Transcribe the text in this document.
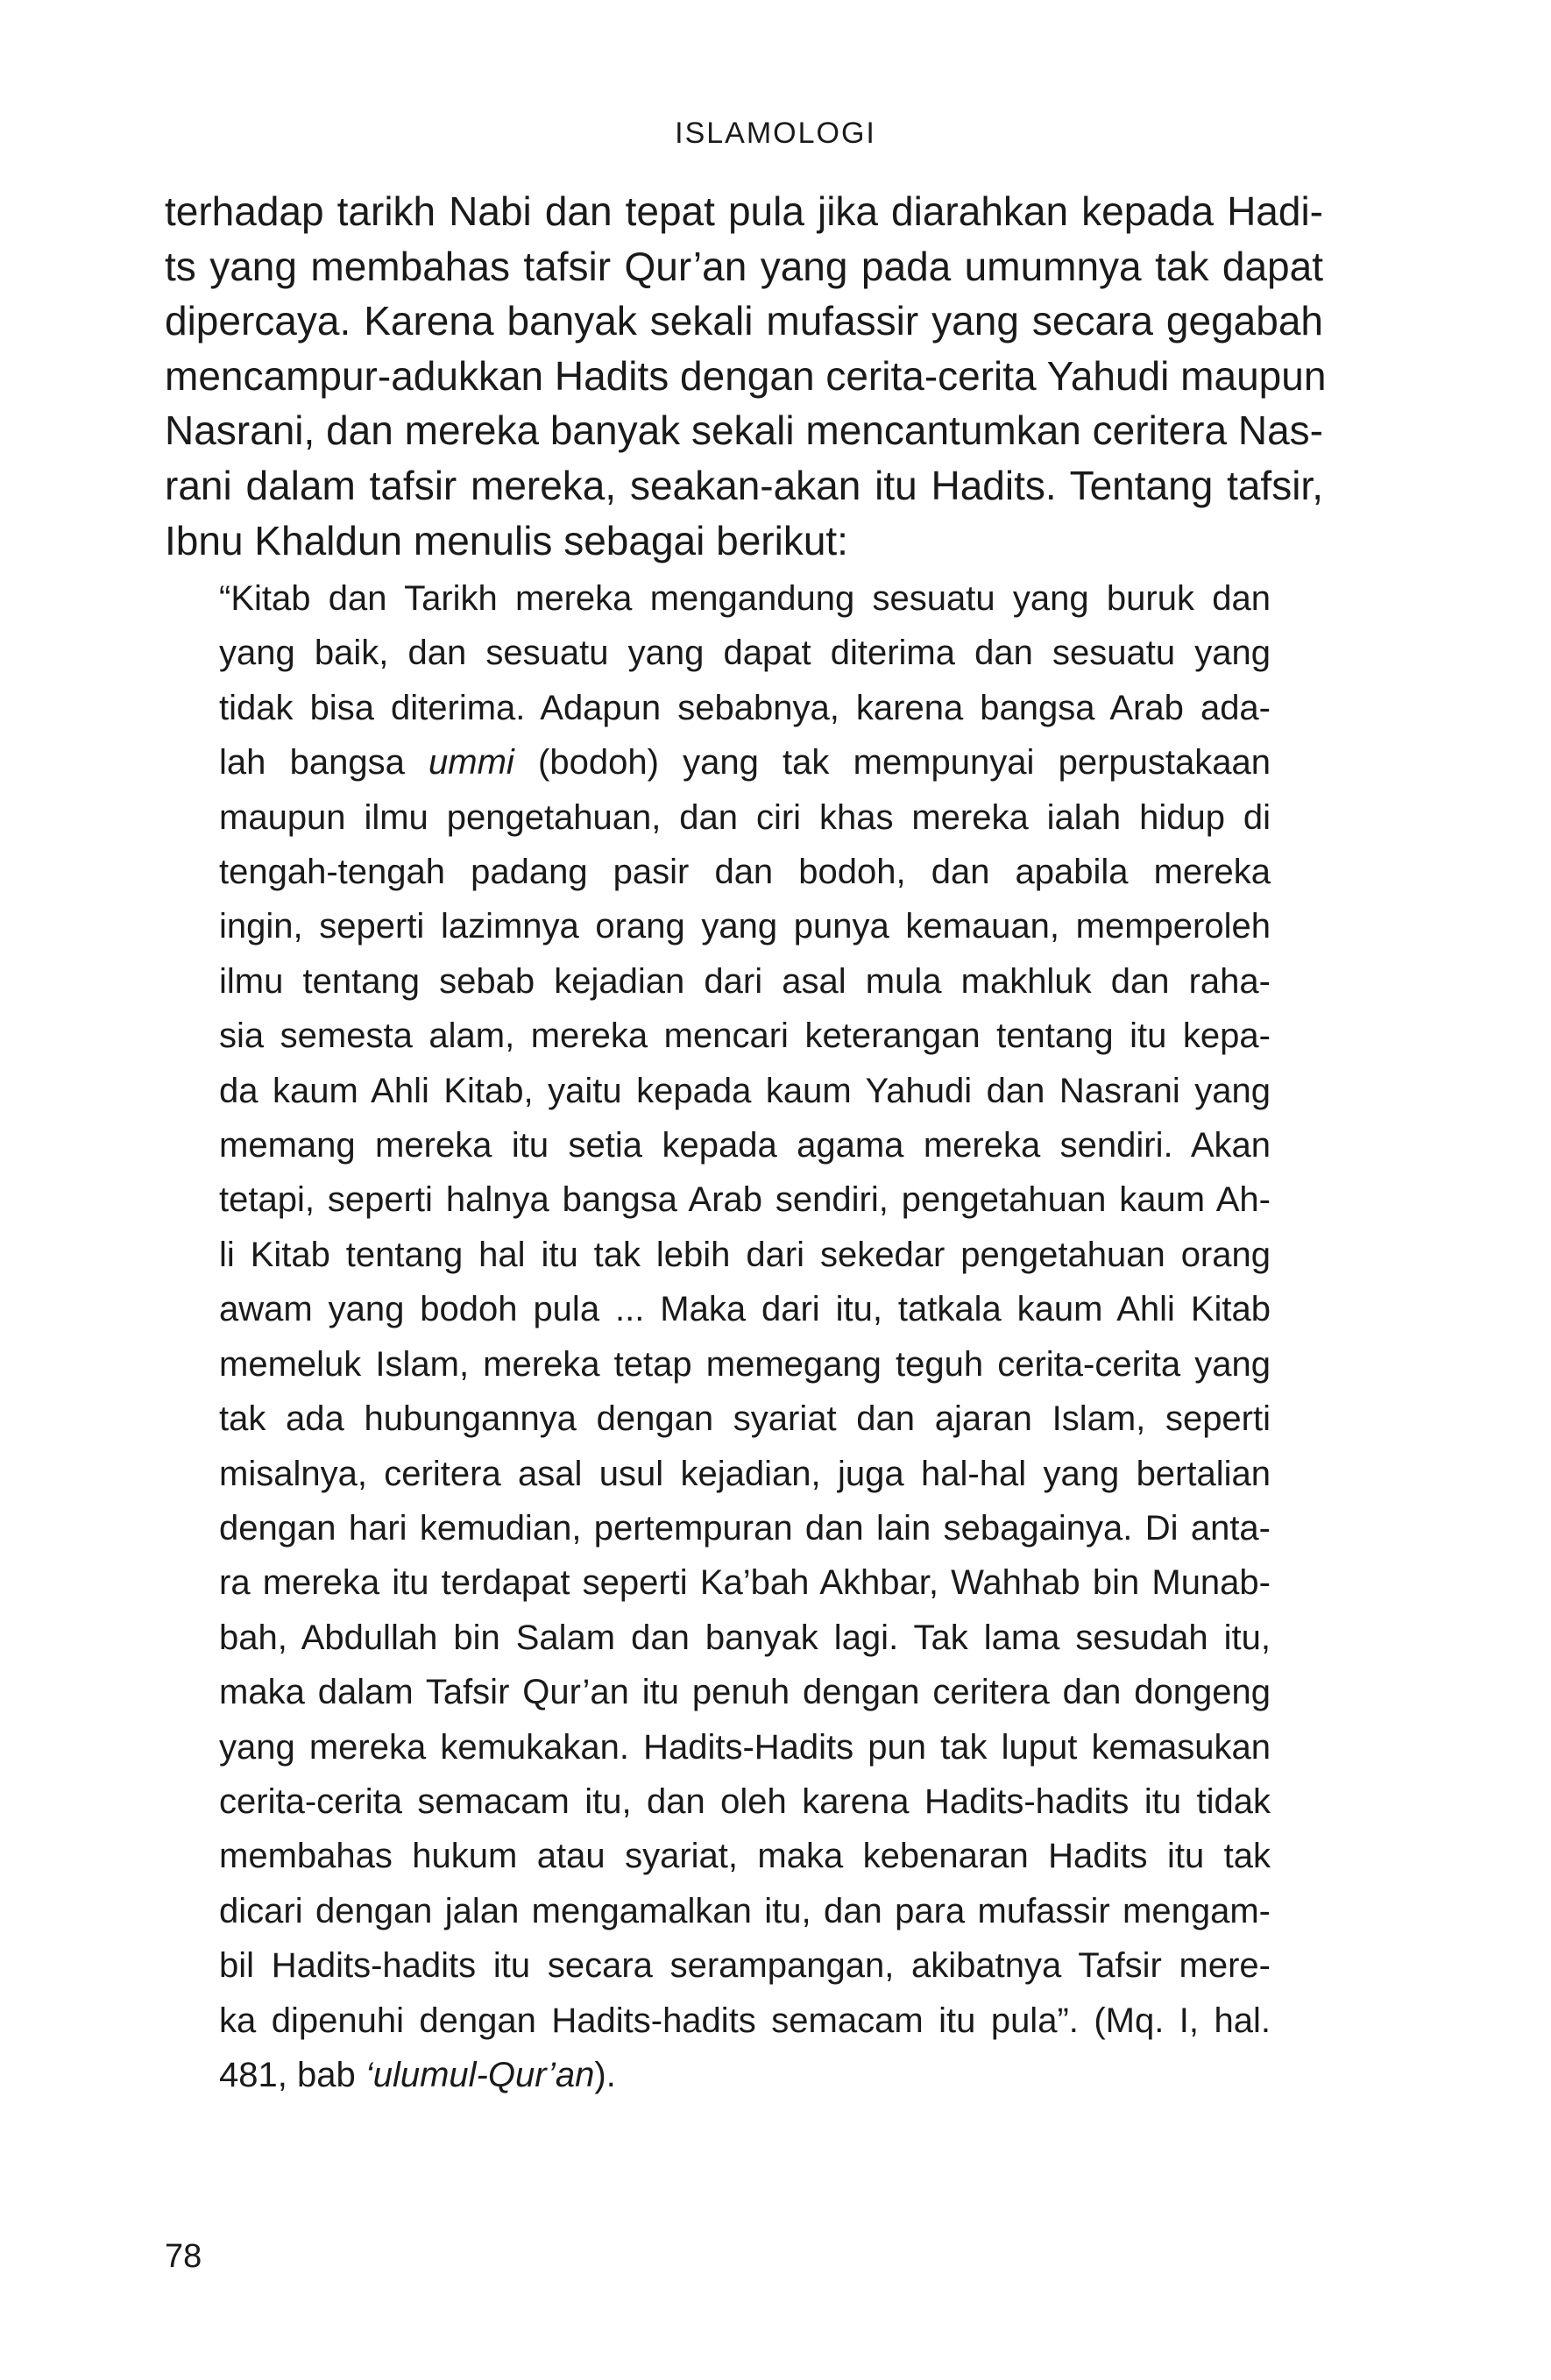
ISLAMOLOGI
terhadap tarikh Nabi dan tepat pula jika diarahkan kepada Hadi-
ts yang membahas tafsir Qur’an yang pada umumnya tak dapat
dipercaya. Karena banyak sekali mufassir yang secara gegabah
mencampur-adukkan Hadits dengan cerita-cerita Yahudi maupun
Nasrani, dan mereka banyak sekali mencantumkan ceritera Nas-
rani dalam tafsir mereka, seakan-akan itu Hadits. Tentang tafsir,
Ibnu Khaldun menulis sebagai berikut:
“Kitab dan Tarikh mereka mengandung sesuatu yang buruk dan
yang baik, dan sesuatu yang dapat diterima dan sesuatu yang
tidak bisa diterima. Adapun sebabnya, karena bangsa Arab ada-
lah bangsa ummi (bodoh) yang tak mempunyai perpustakaan
maupun ilmu pengetahuan, dan ciri khas mereka ialah hidup di
tengah-tengah padang pasir dan bodoh, dan apabila mereka
ingin, seperti lazimnya orang yang punya kemauan, memperoleh
ilmu tentang sebab kejadian dari asal mula makhluk dan raha-
sia semesta alam, mereka mencari keterangan tentang itu kepa-
da kaum Ahli Kitab, yaitu kepada kaum Yahudi dan Nasrani yang
memang mereka itu setia kepada agama mereka sendiri. Akan
tetapi, seperti halnya bangsa Arab sendiri, pengetahuan kaum Ah-
li Kitab tentang hal itu tak lebih dari sekedar pengetahuan orang
awam yang bodoh pula ... Maka dari itu, tatkala kaum Ahli Kitab
memeluk Islam, mereka tetap memegang teguh cerita-cerita yang
tak ada hubungannya dengan syariat dan ajaran Islam, seperti
misalnya, ceritera asal usul kejadian, juga hal-hal yang bertalian
dengan hari kemudian, pertempuran dan lain sebagainya. Di anta-
ra mereka itu terdapat seperti Ka’bah Akhbar, Wahhab bin Munab-
bah, Abdullah bin Salam dan banyak lagi. Tak lama sesudah itu,
maka dalam Tafsir Qur’an itu penuh dengan ceritera dan dongeng
yang mereka kemukakan. Hadits-Hadits pun tak luput kemasukan
cerita-cerita semacam itu, dan oleh karena Hadits-hadits itu tidak
membahas hukum atau syariat, maka kebenaran Hadits itu tak
dicari dengan jalan mengamalkan itu, dan para mufassir mengam-
bil Hadits-hadits itu secara serampangan, akibatnya Tafsir mere-
ka dipenuhi dengan Hadits-hadits semacam itu pula”. (Mq. I, hal.
481, bab ‘ulumul-Qur’an).
78
